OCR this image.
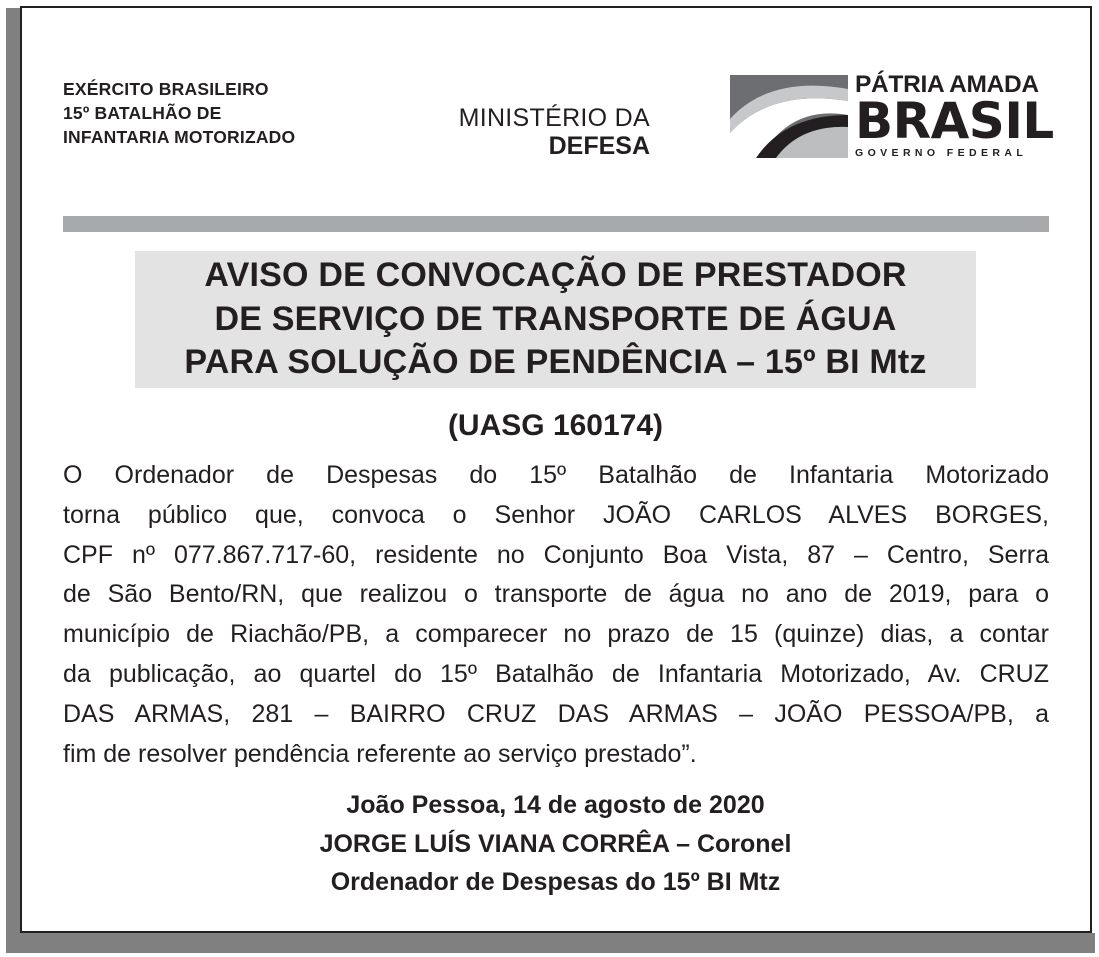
EXÉRCITO BRASILEIRO
15º BATALHÃO DE
INFANTARIA MOTORIZADO
MINISTÉRIO DA
DEFESA
PÁTRIA AMADA
BRASIL
GOVERNO FEDERAL
AVISO DE CONVOCAÇÃO DE PRESTADOR
DE SERVIÇO DE TRANSPORTE DE ÁGUA
PARA SOLUÇÃO DE PENDÊNCIA – 15º BI Mtz
(UASG 160174)
O Ordenador de Despesas do 15º Batalhão de Infantaria Motorizado
torna público que, convoca o Senhor JOÃO CARLOS ALVES BORGES,
CPF nº 077.867.717-60, residente no Conjunto Boa Vista, 87 – Centro, Serra
de São Bento/RN, que realizou o transporte de água no ano de 2019, para o
município de Riachão/PB, a comparecer no prazo de 15 (quinze) dias, a contar
da publicação, ao quartel do 15º Batalhão de Infantaria Motorizado, Av. CRUZ
DAS ARMAS, 281 – BAIRRO CRUZ DAS ARMAS – JOÃO PESSOA/PB, a
fim de resolver pendência referente ao serviço prestado”.
João Pessoa, 14 de agosto de 2020
JORGE LUÍS VIANA CORRÊA – Coronel
Ordenador de Despesas do 15º BI Mtz
